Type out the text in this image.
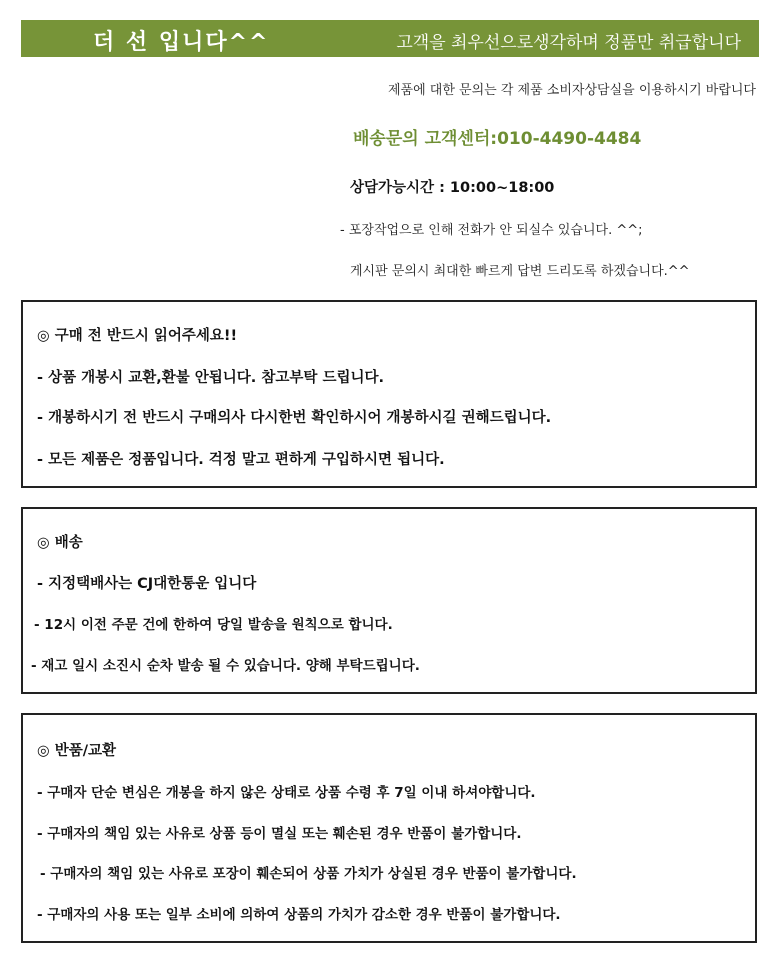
더 선 입니다^^	고객을 최우선으로생각하며 정품만 취급합니다
제품에 대한 문의는 각 제품 소비자상담실을 이용하시기 바랍니다
배송문의 고객센터:010-4490-4484
상담가능시간 : 10:00~18:00
- 포장작업으로 인해 전화가 안 되실수 있습니다. ^^;
게시판 문의시 최대한 빠르게 답변 드리도록 하겠습니다.^^
◎ 구매 전 반드시 읽어주세요!!
- 상품 개봉시 교환,환불 안됩니다. 참고부탁 드립니다.
- 개봉하시기 전 반드시 구매의사 다시한번 확인하시어 개봉하시길 권해드립니다.
- 모든 제품은 정품입니다. 걱정 말고 편하게 구입하시면 됩니다.
◎ 배송
- 지정택배사는 CJ대한통운 입니다
- 12시 이전 주문 건에 한하여 당일 발송을 원칙으로 합니다.
- 재고 일시 소진시 순차 발송 될 수 있습니다. 양해 부탁드립니다.
◎ 반품/교환
- 구매자 단순 변심은 개봉을 하지 않은 상태로 상품 수령 후 7일 이내 하셔야합니다.
- 구매자의 책임 있는 사유로 상품 등이 멸실 또는 훼손된 경우 반품이 불가합니다.
- 구매자의 책임 있는 사유로 포장이 훼손되어 상품 가치가 상실된 경우 반품이 불가합니다.
- 구매자의 사용 또는 일부 소비에 의하여 상품의 가치가 감소한 경우 반품이 불가합니다.
